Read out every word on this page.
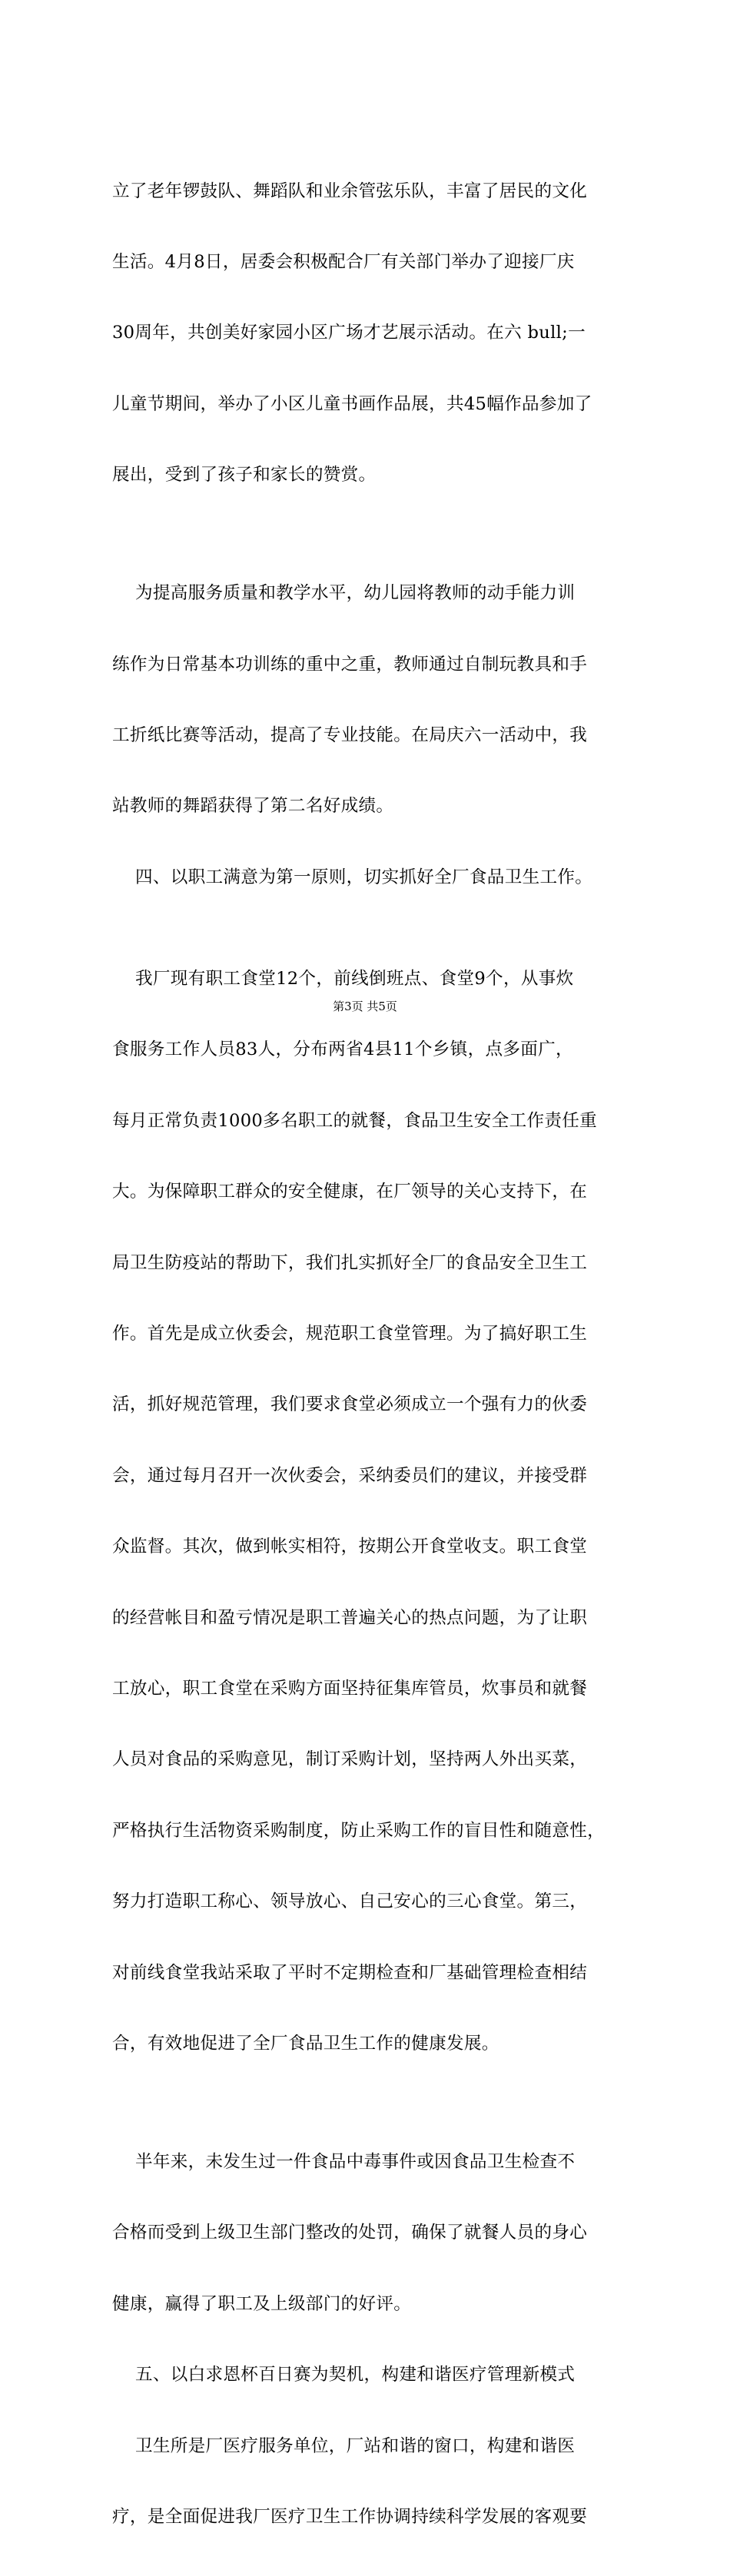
立了老年锣鼓队、舞蹈队和业余管弦乐队，丰富了居民的文化

生活。4月8日，居委会积极配合厂有关部门举办了迎接厂庆

30周年，共创美好家园小区广场才艺展示活动。在六 bull;一

儿童节期间，举办了小区儿童书画作品展，共45幅作品参加了

展出，受到了孩子和家长的赞赏。

为提高服务质量和教学水平，幼儿园将教师的动手能力训

练作为日常基本功训练的重中之重，教师通过自制玩教具和手

工折纸比赛等活动，提高了专业技能。在局庆六一活动中，我

站教师的舞蹈获得了第二名好成绩。

四、以职工满意为第一原则，切实抓好全厂食品卫生工作。

我厂现有职工食堂12个，前线倒班点、食堂9个，从事炊

食服务工作人员83人，分布两省4县11个乡镇，点多面广，

每月正常负责1000多名职工的就餐，食品卫生安全工作责任重

大。为保障职工群众的安全健康，在厂领导的关心支持下，在

局卫生防疫站的帮助下，我们扎实抓好全厂的食品安全卫生工

作。首先是成立伙委会，规范职工食堂管理。为了搞好职工生

活，抓好规范管理，我们要求食堂必须成立一个强有力的伙委

会，通过每月召开一次伙委会，采纳委员们的建议，并接受群

众监督。其次，做到帐实相符，按期公开食堂收支。职工食堂

的经营帐目和盈亏情况是职工普遍关心的热点问题，为了让职

工放心，职工食堂在采购方面坚持征集库管员，炊事员和就餐

人员对食品的采购意见，制订采购计划，坚持两人外出买菜，

严格执行生活物资采购制度，防止采购工作的盲目性和随意性，

努力打造职工称心、领导放心、自己安心的三心食堂。第三，

对前线食堂我站采取了平时不定期检查和厂基础管理检查相结

合，有效地促进了全厂食品卫生工作的健康发展。

半年来，未发生过一件食品中毒事件或因食品卫生检查不

合格而受到上级卫生部门整改的处罚，确保了就餐人员的身心

健康，赢得了职工及上级部门的好评。

五、以白求恩杯百日赛为契机，构建和谐医疗管理新模式

卫生所是厂医疗服务单位，厂站和谐的窗口，构建和谐医

疗，是全面促进我厂医疗卫生工作协调持续科学发展的客观要

第3页 共5页
